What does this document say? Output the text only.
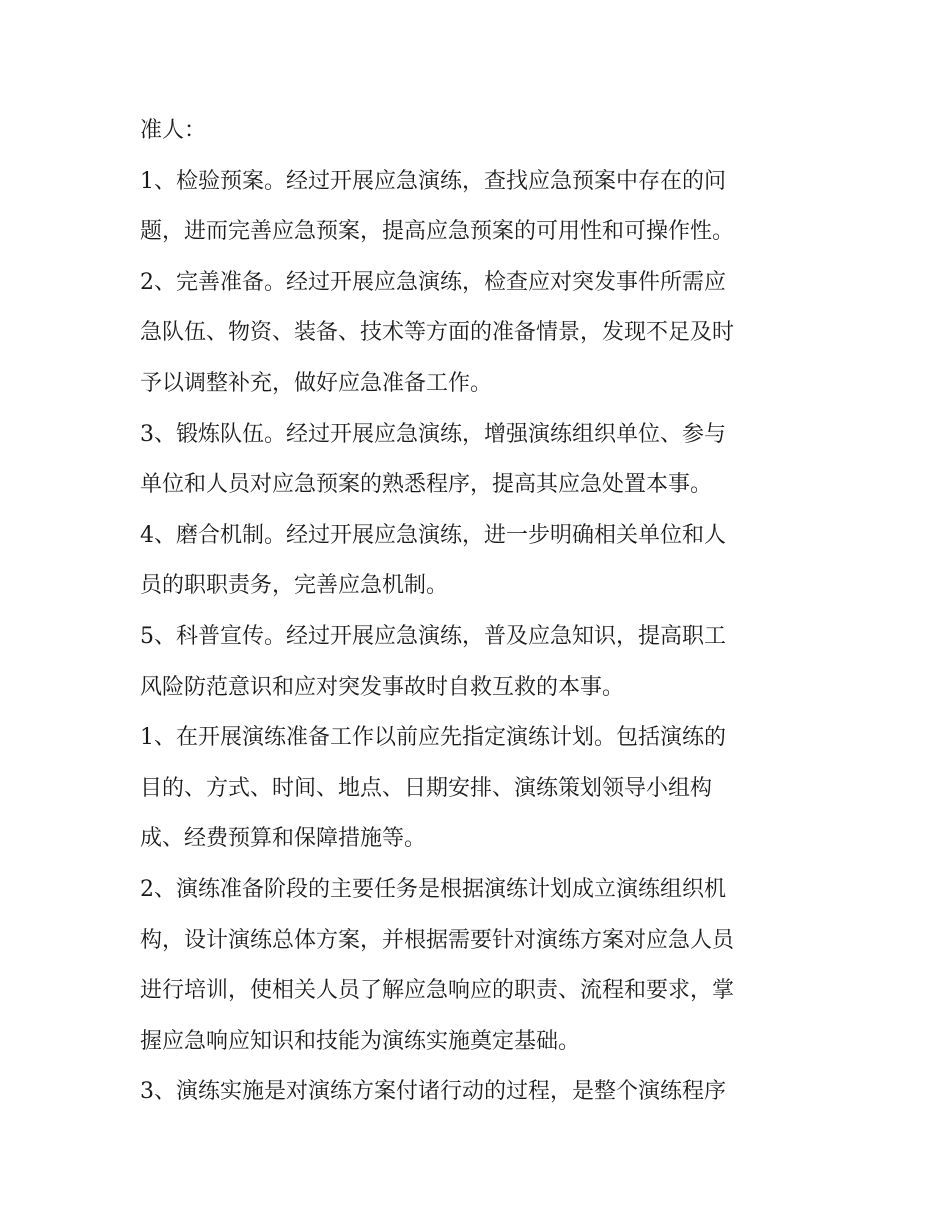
准人：
1、检验预案。经过开展应急演练，查找应急预案中存在的问
题，进而完善应急预案，提高应急预案的可用性和可操作性。
2、完善准备。经过开展应急演练，检查应对突发事件所需应
急队伍、物资、装备、技术等方面的准备情景，发现不足及时
予以调整补充，做好应急准备工作。
3、锻炼队伍。经过开展应急演练，增强演练组织单位、参与
单位和人员对应急预案的熟悉程序，提高其应急处置本事。
4、磨合机制。经过开展应急演练，进一步明确相关单位和人
员的职职责务，完善应急机制。
5、科普宣传。经过开展应急演练，普及应急知识，提高职工
风险防范意识和应对突发事故时自救互救的本事。
1、在开展演练准备工作以前应先指定演练计划。包括演练的
目的、方式、时间、地点、日期安排、演练策划领导小组构
成、经费预算和保障措施等。
2、演练准备阶段的主要任务是根据演练计划成立演练组织机
构，设计演练总体方案，并根据需要针对演练方案对应急人员
进行培训，使相关人员了解应急响应的职责、流程和要求，掌
握应急响应知识和技能为演练实施奠定基础。
3、演练实施是对演练方案付诸行动的过程，是整个演练程序
